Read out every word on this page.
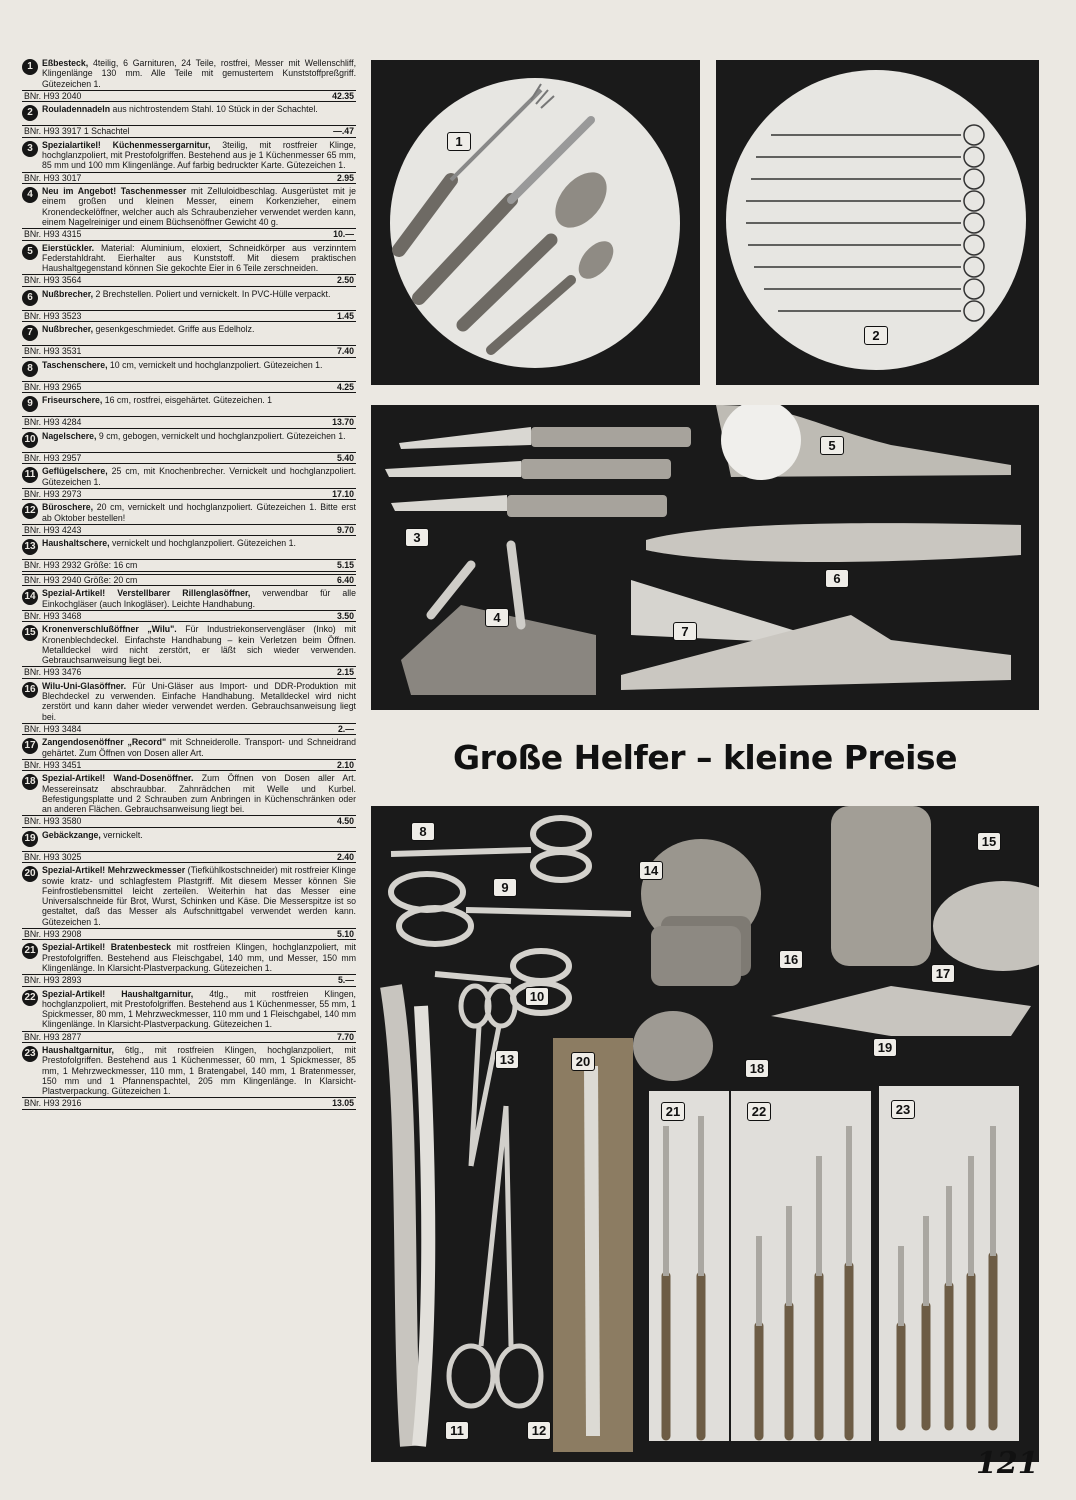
1	Eßbesteck, 4teilig, 6 Garnituren, 24 Teile, rostfrei, Messer mit Wellenschliff, Klingenlänge 130 mm. Alle Teile mit gemustertem Kunststoffpreßgriff. Gütezeichen 1.
BNr. H93 2040	42.35
2	Rouladennadeln aus nichtrostendem Stahl. 10 Stück in der Schachtel.
BNr. H93 3917 1 Schachtel	—.47
3	Spezialartikel! Küchenmessergarnitur, 3teilig, mit rostfreier Klinge, hochglanzpoliert, mit Prestofolgriffen. Bestehend aus je 1 Küchenmesser 65 mm, 85 mm und 100 mm Klingenlänge. Auf farbig bedruckter Karte. Gütezeichen 1.
BNr. H93 3017	2.95
4	Neu im Angebot! Taschenmesser mit Zelluloidbeschlag. Ausgerüstet mit je einem großen und kleinen Messer, einem Korkenzieher, einem Kronendeckelöffner, welcher auch als Schraubenzieher verwendet werden kann, einem Nagelreiniger und einem Büchsenöffner Gewicht 40 g.
BNr. H93 4315	10.—
5	Eierstückler. Material: Aluminium, eloxiert, Schneidkörper aus verzinntem Federstahldraht. Eierhalter aus Kunststoff. Mit diesem praktischen Haushaltgegenstand können Sie gekochte Eier in 6 Teile zerschneiden.
BNr. H93 3564	2.50
6	Nußbrecher, 2 Brechstellen. Poliert und vernickelt. In PVC-Hülle verpackt.
BNr. H93 3523	1.45
7	Nußbrecher, gesenkgeschmiedet. Griffe aus Edelholz.
BNr. H93 3531	7.40
8	Taschenschere, 10 cm, vernickelt und hochglanzpoliert. Gütezeichen 1.
BNr. H93 2965	4.25
9	Friseurschere, 16 cm, rostfrei, eisgehärtet. Gütezeichen. 1
BNr. H93 4284	13.70
10 Nagelschere, 9 cm, gebogen, vernickelt und hochglanzpoliert. Gütezeichen 1.
BNr. H93 2957	5.40
11 Geflügelschere, 25 cm, mit Knochenbrecher. Vernickelt und hochglanzpoliert. Gütezeichen 1.
BNr. H93 2973	17.10
12 Büroschere, 20 cm, vernickelt und hochglanzpoliert. Gütezeichen 1. Bitte erst ab Oktober bestellen!
BNr. H93 4243	9.70
13 Haushaltschere, vernickelt und hochglanzpoliert. Gütezeichen 1.
BNr. H93 2932 Größe: 16 cm	5.15
BNr. H93 2940 Größe: 20 cm	6.40
14 Spezial-Artikel! Verstellbarer Rillenglasöffner, verwendbar für alle Einkochgläser (auch Inkogläser). Leichte Handhabung.
BNr. H93 3468	3.50
15 Kronenverschlußöffner „Wilu". Für Industriekonservengläser (Inko) mit Kronenblechdeckel. Einfachste Handhabung – kein Verletzen beim Öffnen. Metalldeckel wird nicht zerstört, er läßt sich wieder verwenden. Gebrauchsanweisung liegt bei.
BNr. H93 3476	2.15
16 Wilu-Uni-Glasöffner. Für Uni-Gläser aus Import- und DDR-Produktion mit Blechdeckel zu verwenden. Einfache Handhabung. Metalldeckel wird nicht zerstört und kann daher wieder verwendet werden. Gebrauchsanweisung liegt bei.
BNr. H93 3484	2.—
17 Zangendosenöffner „Record" mit Schneiderolle. Transport- und Schneidrand gehärtet. Zum Öffnen von Dosen aller Art.
BNr. H93 3451	2.10
18 Spezial-Artikel! Wand-Dosenöffner. Zum Öffnen von Dosen aller Art. Messereinsatz abschraubbar. Zahnrädchen mit Welle und Kurbel. Befestigungsplatte und 2 Schrauben zum Anbringen in Küchenschränken oder an anderen Flächen. Gebrauchsanweisung liegt bei.
BNr. H93 3580	4.50
19 Gebäckzange, vernickelt.
BNr. H93 3025	2.40
20 Spezial-Artikel! Mehrzweckmesser (Tiefkühlkostschneider) mit rostfreier Klinge sowie kratz- und schlagfestem Plastgriff. Mit diesem Messer können Sie Feinfrostlebensmittel leicht zerteilen. Weiterhin hat das Messer eine Universalschneide für Brot, Wurst, Schinken und Käse. Die Messerspitze ist so gestaltet, daß das Messer als Aufschnittgabel verwendet werden kann. Gütezeichen 1.
BNr. H93 2908	5.10
21 Spezial-Artikel! Bratenbesteck mit rostfreien Klingen, hochglanzpoliert, mit Prestofolgriffen. Bestehend aus Fleischgabel, 140 mm, und Messer, 150 mm Klingenlänge. In Klarsicht-Plastverpackung. Gütezeichen 1.
BNr. H93 2893	5.—
22 Spezial-Artikel! Haushaltgarnitur, 4tlg., mit rostfreien Klingen, hochglanzpoliert, mit Prestofolgriffen. Bestehend aus 1 Küchenmesser, 55 mm, 1 Spickmesser, 80 mm, 1 Mehrzweckmesser, 110 mm und 1 Fleischgabel, 140 mm Klingenlänge. In Klarsicht-Plastverpackung. Gütezeichen 1.
BNr. H93 2877	7.70
23 Haushaltgarnitur, 6tlg., mit rostfreien Klingen, hochglanzpoliert, mit Prestofolgriffen. Bestehend aus 1 Küchenmesser, 60 mm, 1 Spickmesser, 85 mm, 1 Mehrzweckmesser, 110 mm, 1 Bratengabel, 140 mm, 1 Bratenmesser, 150 mm und 1 Pfannenspachtel, 205 mm Klingenlänge. In Klarsicht-Plastverpackung. Gütezeichen 1.
BNr. H93 2916	13.05
1
2
3
4
5
6
7
Große Helfer – kleine Preise
8
9
10
11	12
13
14
15
16
17
18
19
20
21	22	23
121
